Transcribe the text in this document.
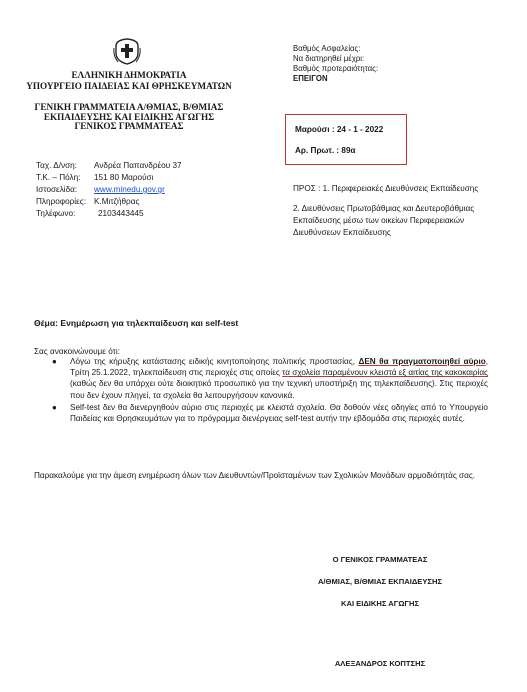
ΕΛΛΗΝΙΚΗ ΔΗΜΟΚΡΑΤΙΑ
ΥΠΟΥΡΓΕΙΟ ΠΑΙΔΕΙΑΣ ΚΑΙ ΘΡΗΣΚΕΥΜΑΤΩΝ
ΓΕΝΙΚΗ ΓΡΑΜΜΑΤΕΙΑ Α/ΘΜΙΑΣ, Β/ΘΜΙΑΣ
ΕΚΠΑΙΔΕΥΣΗΣ ΚΑΙ ΕΙΔΙΚΗΣ ΑΓΩΓΗΣ
ΓΕΝΙΚΟΣ ΓΡΑΜΜΑΤΕΑΣ
Βαθμός Ασφαλείας:
Να διατηρηθεί μέχρι:
Βαθμός προτεραιότητας:
ΕΠΕΙΓΟΝ
Μαρούσι : 24 - 1 - 2022
Αρ. Πρωτ. : 89α
Ταχ. Δ/νση: Ανδρέα Παπανδρέου 37
Τ.Κ. – Πόλη: 151 80 Μαρούσι
Ιστοσελίδα: www.minedu.gov.gr
Πληροφορίες: Κ.Μιτζήθρας
Τηλέφωνο:	2103443445

ΠΡΟΣ : 1. Περιφερειακές Διευθύνσεις Εκπαίδευσης

2. Διευθύνσεις Πρωτοβάθμιας και Δευτεροβάθμιας Εκπαίδευσης μέσω των οικείων Περιφερειακών Διευθύνσεων Εκπαίδευσης

Θέμα: Ενημέρωση για τηλεκπαίδευση και self-test
Σας ανακοινώνουμε ότι:
● Λόγω της κήρυξης κατάστασης ειδικής κινητοποίησης πολιτικής προστασίας, ΔΕΝ θα πραγματοποιηθεί αύριο, Τρίτη 25.1.2022, τηλεκπαίδευση στις περιοχές στις οποίες τα σχολεία παραμένουν κλειστά εξ αιτίας της κακοκαιρίας (καθώς δεν θα υπάρχει ούτε διοικητικό προσωπικό για την τεχνική υποστήριξη της τηλεκπαίδευσης). Στις περιοχές που δεν έχουν πληγεί, τα σχολεία θα λειτουργήσουν κανονικά.
● Self-test δεν θα διενεργηθούν αύριο στις περιοχές με κλειστά σχολεία. Θα δοθούν νέες οδηγίες από το Υπουργείο Παιδείας και Θρησκευμάτων για το πρόγραμμα διενέργειας self-test αυτήν την εβδομάδα στις περιοχές αυτές.
Παρακαλούμε για την άμεση ενημέρωση όλων των Διευθυντών/Προϊσταμένων των Σχολικών Μονάδων αρμοδιότητάς σας.
Ο ΓΕΝΙΚΟΣ ΓΡΑΜΜΑΤΕΑΣ
Α/ΘΜΙΑΣ, Β/ΘΜΙΑΣ ΕΚΠΑΙΔΕΥΣΗΣ
ΚΑΙ ΕΙΔΙΚΗΣ ΑΓΩΓΗΣ
ΑΛΕΞΑΝΔΡΟΣ ΚΟΠΤΣΗΣ
